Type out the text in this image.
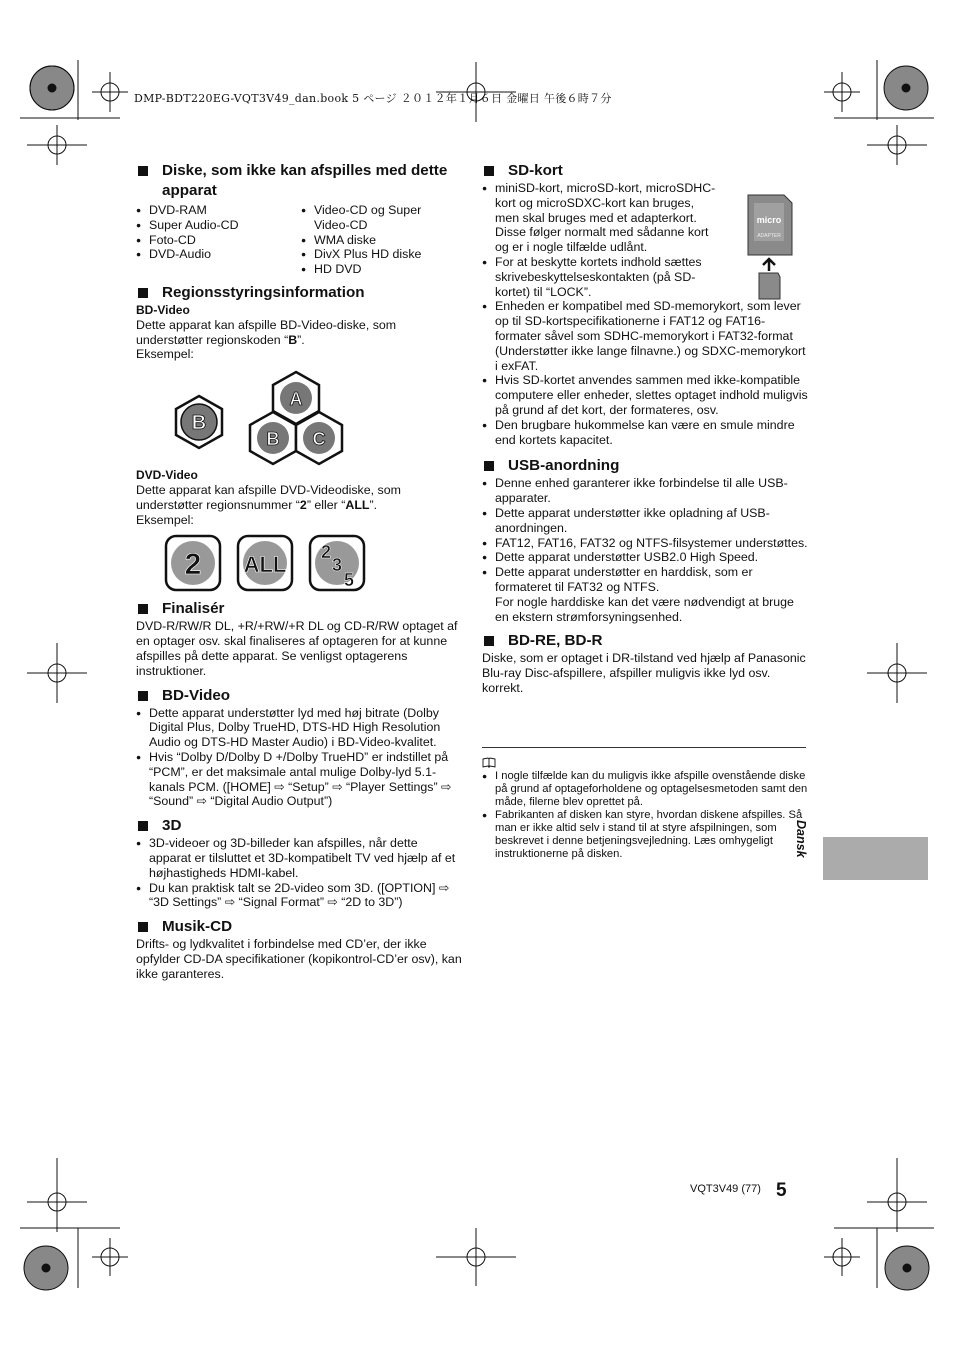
DMP-BDT220EG-VQT3V49_dan.book 5 ページ ２０１２年１月６日 金曜日 午後６時７分
Diske, som ikke kan afspilles med dette apparat
● DVD-RAM
● Super Audio-CD
● Foto-CD
● DVD-Audio
● Video-CD og Super Video-CD
● WMA diske
● DivX Plus HD diske
● HD DVD
Regionsstyringsinformation

BD-Video

Dette apparat kan afspille BD-Video-diske, som understøtter regionskoden “B”.

Eksempel:

B
A
B C

DVD-Video

Dette apparat kan afspille DVD-Videodiske, som understøtter regionsnummer “2” eller “ALL”.

Eksempel:

2 ALL 2
3
5
Finalisér

DVD-R/RW/R DL, +R/+RW/+R DL og CD-R/RW optaget af en optager osv. skal finaliseres af optageren for at kunne afspilles på dette apparat. Se venligst optagerens instruktioner.

BD-Video
● Dette apparat understøtter lyd med høj bitrate (Dolby Digital Plus, Dolby TrueHD, DTS-HD High Resolution Audio og DTS-HD Master Audio) i BD-Video-kvalitet.
● Hvis “Dolby D/Dolby D +/Dolby TrueHD” er indstillet på “PCM”, er det maksimale antal mulige Dolby-lyd 5.1-kanals PCM. ([HOME] ⇨ “Setup” ⇨ “Player Settings” ⇨ “Sound” ⇨ “Digital Audio Output”)
3D
● 3D-videoer og 3D-billeder kan afspilles, når dette apparat er tilsluttet et 3D-kompatibelt TV ved hjælp af et højhastigheds HDMI-kabel.
● Du kan praktisk talt se 2D-video som 3D. ([OPTION] ⇨ “3D Settings” ⇨ “Signal Format” ⇨ “2D to 3D”)
Musik-CD

Drifts- og lydkvalitet i forbindelse med CD’er, der ikke opfylder CD-DA specifikationer (kopikontrol-CD’er osv), kan ikke garanteres.

SD-kort
● miniSD-kort, microSD-kort, microSDHC-kort og microSDXC-kort kan bruges, men skal bruges med et adapterkort. Disse følger normalt med sådanne kort og er i nogle tilfælde udlånt.
● For at beskytte kortets indhold sættes skrivebeskyttelseskontakten (på SD-kortet) til “LOCK”.
micro
ADAPTER
● Enheden er kompatibel med SD-memorykort, som lever op til SD-kortspecifikationerne i FAT12 og FAT16-formater såvel som SDHC-memorykort i FAT32-format (Understøtter ikke lange filnavne.) og SDXC-memorykort i exFAT.
● Hvis SD-kortet anvendes sammen med ikke-kompatible computere eller enheder, slettes optaget indhold muligvis på grund af det kort, der formateres, osv.
● Den brugbare hukommelse kan være en smule mindre end kortets kapacitet.
USB-anordning
● Denne enhed garanterer ikke forbindelse til alle USB-apparater.
● Dette apparat understøtter ikke opladning af USB-anordningen.
● FAT12, FAT16, FAT32 og NTFS-filsystemer understøttes.
● Dette apparat understøtter USB2.0 High Speed.
● Dette apparat understøtter en harddisk, som er formateret til FAT32 og NTFS.
For nogle harddiske kan det være nødvendigt at bruge en ekstern strømforsyningsenhed.
BD-RE, BD-R

Diske, som er optaget i DR-tilstand ved hjælp af Panasonic Blu-ray Disc-afspillere, afspiller muligvis ikke lyd osv. korrekt.

● I nogle tilfælde kan du muligvis ikke afspille ovenstående diske på grund af optageforholdene og optagelsesmetoden samt den måde, filerne blev oprettet på.
● Fabrikanten af disken kan styre, hvordan diskene afspilles. Så man er ikke altid selv i stand til at styre afspilningen, som beskrevet i denne betjeningsvejledning. Læs omhygeligt instruktionerne på disken.	Dansk
VQT3V49 (77) 5
